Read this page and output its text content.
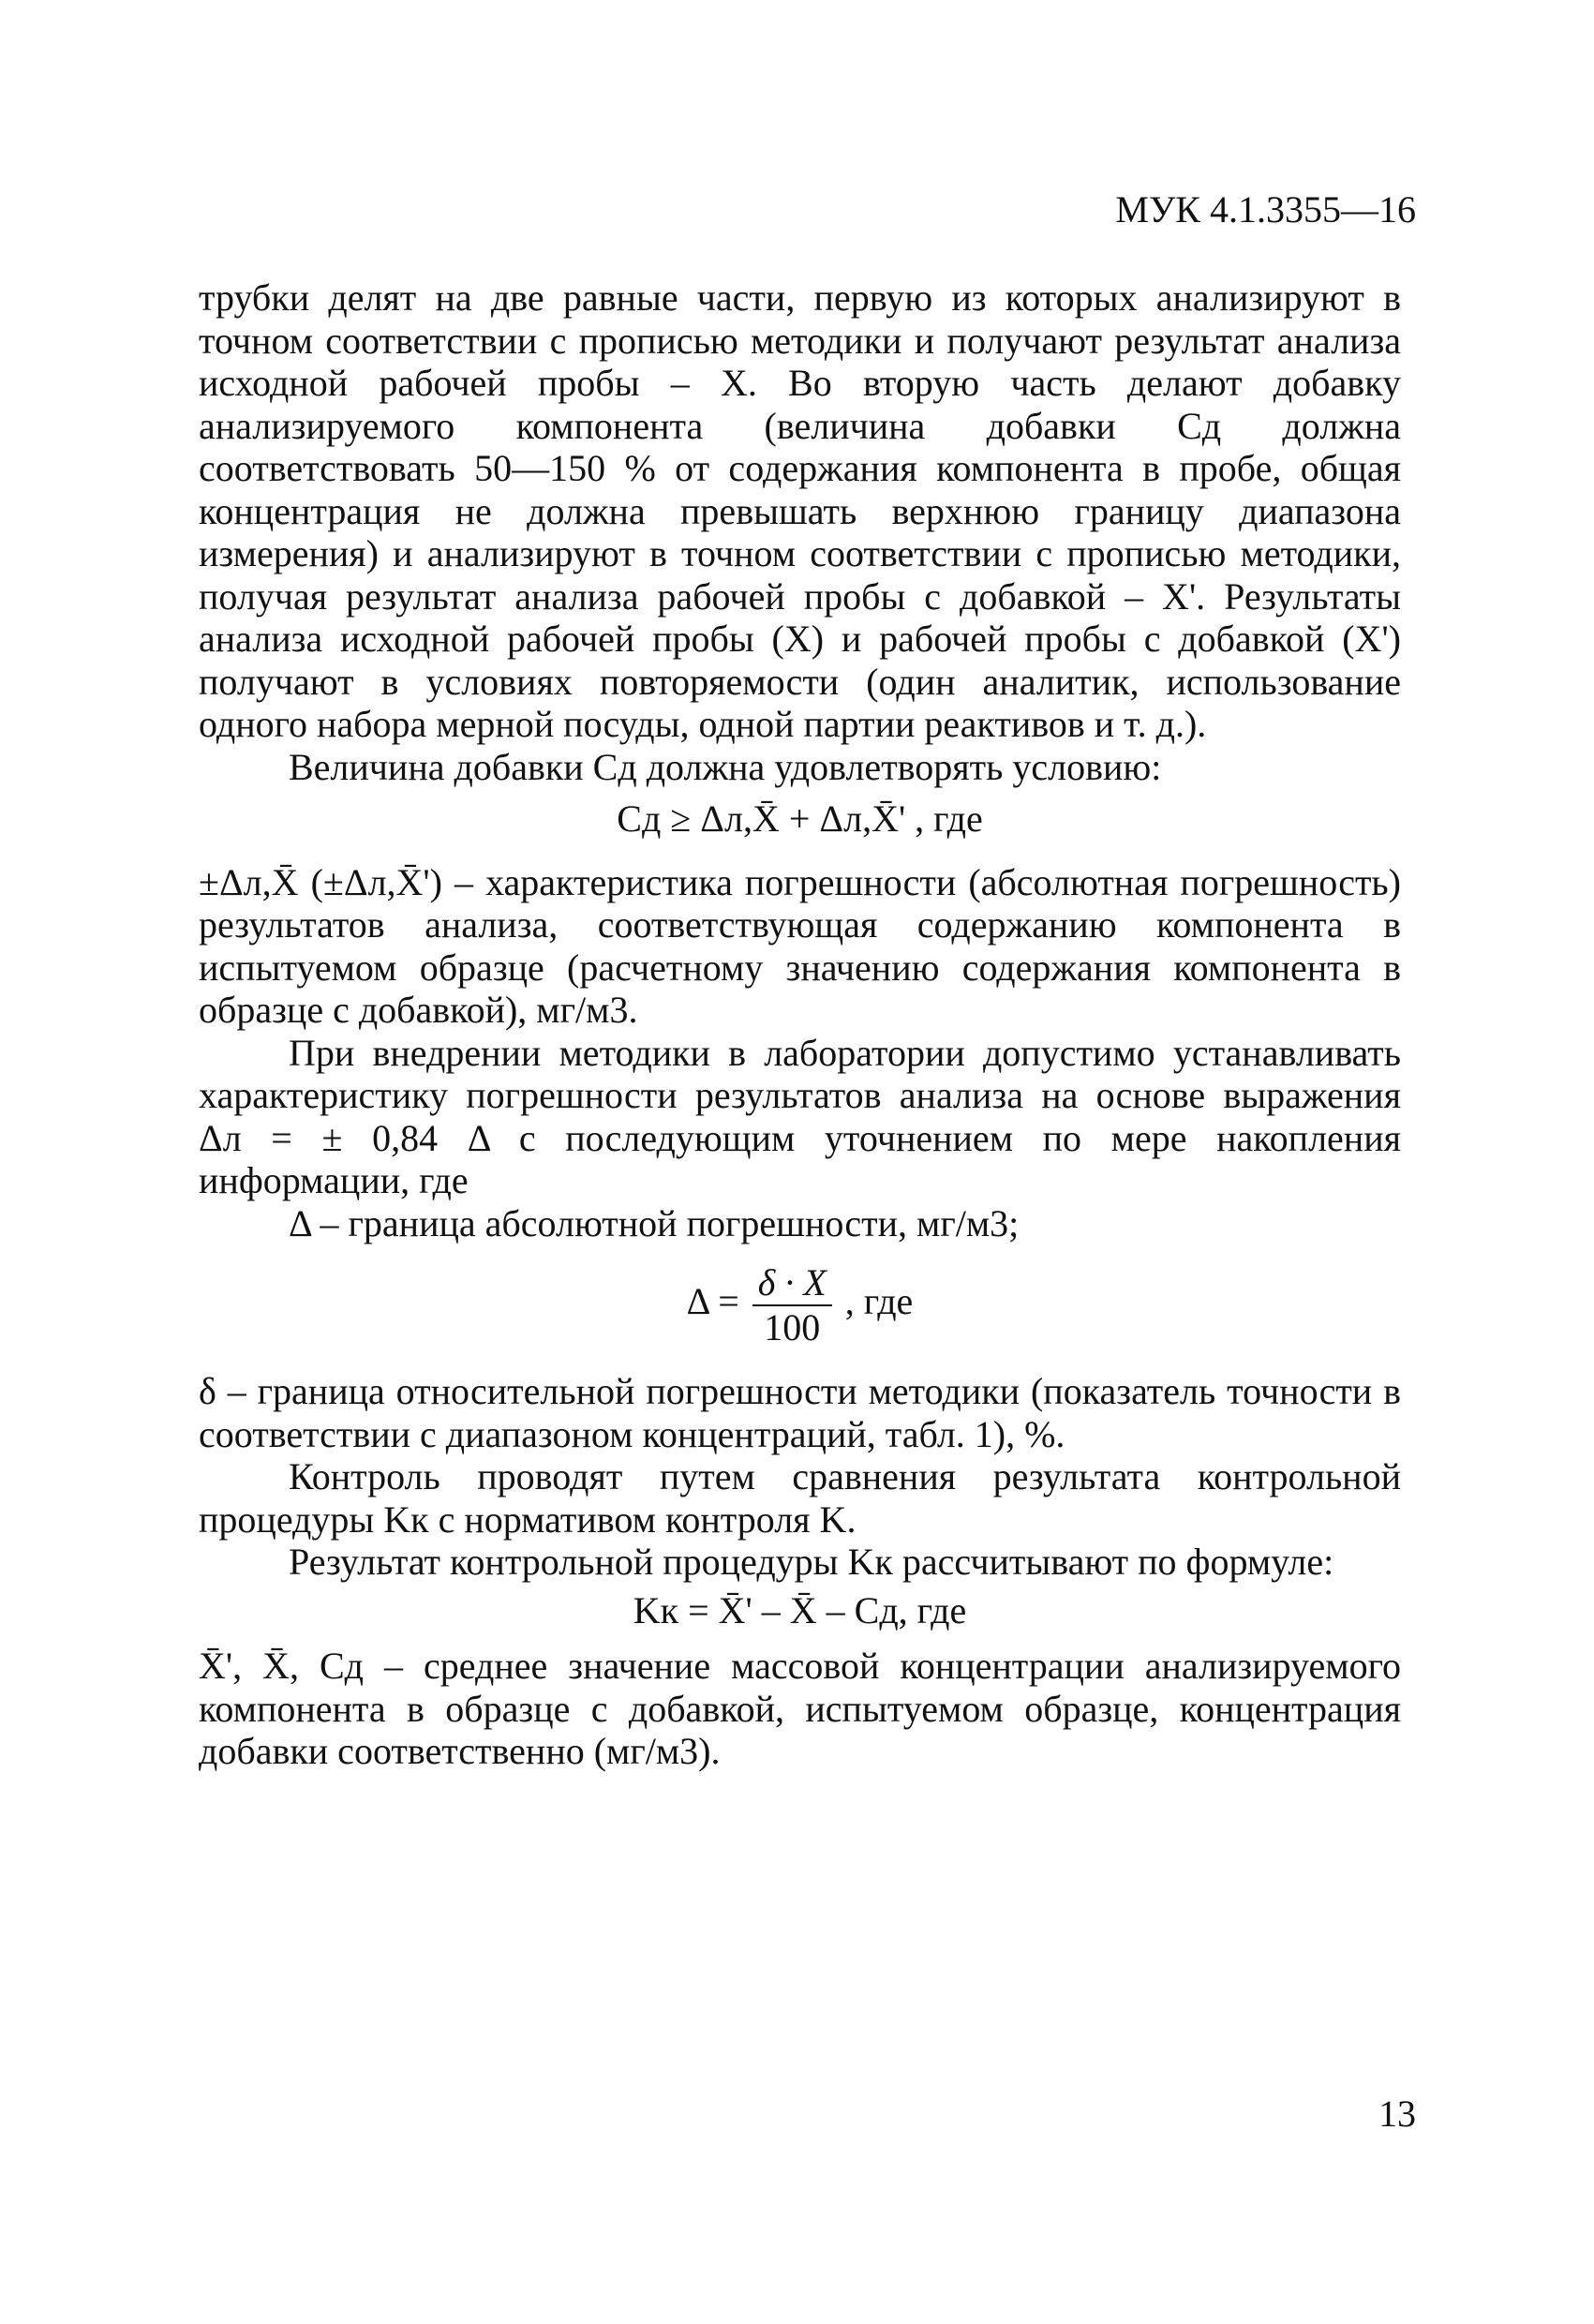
МУК 4.1.3355—16

трубки делят на две равные части, первую из которых анализируют в точном соответствии с прописью методики и получают результат анализа исходной рабочей пробы – X. Во вторую часть делают добавку анализируемого компонента (величина добавки Cд должна соответствовать 50—150 % от содержания компонента в пробе, общая концентрация не должна превышать верхнюю границу диапазона измерения) и анализируют в точном соответствии с прописью методики, получая результат анализа рабочей пробы с добавкой – X'. Результаты анализа исходной рабочей пробы (X) и рабочей пробы с добавкой (X') получают в условиях повторяемости (один аналитик, использование одного набора мерной посуды, одной партии реактивов и т. д.).

Величина добавки Cд должна удовлетворять условию:

Cд ≥ Δл,X̄ + Δл,X̄' , где

±Δл,X̄ (±Δл,X̄') – характеристика погрешности (абсолютная погрешность) результатов анализа, соответствующая содержанию компонента в испытуемом образце (расчетному значению содержания компонента в образце с добавкой), мг/м3.

При внедрении методики в лаборатории допустимо устанавливать характеристику погрешности результатов анализа на основе выражения Δл = ± 0,84 Δ с последующим уточнением по мере накопления информации, где

Δ – граница абсолютной погрешности, мг/м3;

$\Delta = \frac{\delta \cdot X}{100}$ , где

δ – граница относительной погрешности методики (показатель точности в соответствии с диапазоном концентраций, табл. 1), %.

Контроль проводят путем сравнения результата контрольной процедуры Kк с нормативом контроля K.

Результат контрольной процедуры Kк рассчитывают по формуле:

Kк = X̄' – X̄ – Cд, где

X̄', X̄, Cд – среднее значение массовой концентрации анализируемого компонента в образце с добавкой, испытуемом образце, концентрация добавки соответственно (мг/м3).

13
